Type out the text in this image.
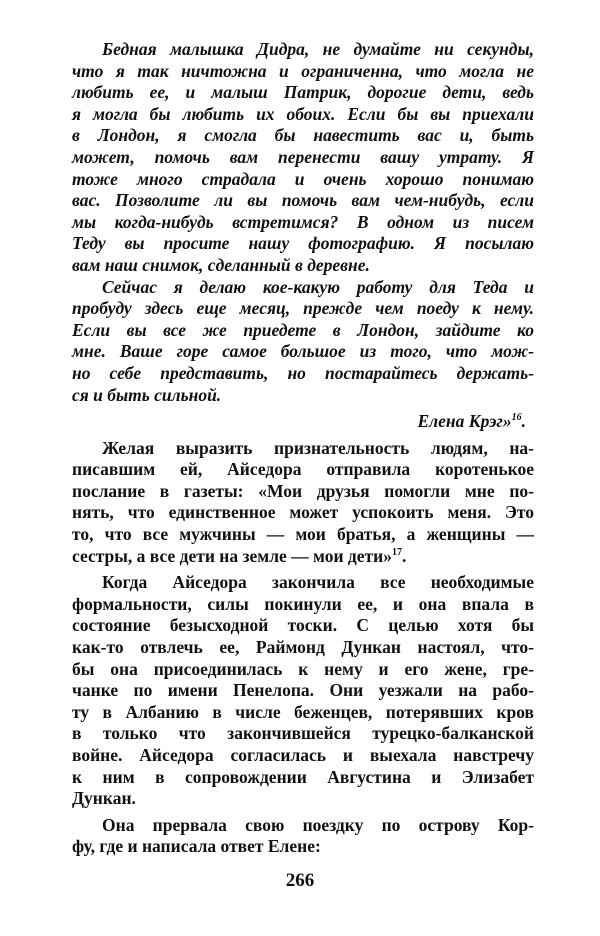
Бедная малышка Дидра, не думайте ни секунды,
что я так ничтожна и ограниченна, что могла не
любить ее, и малыш Патрик, дорогие дети, ведь
я могла бы любить их обоих. Если бы вы приехали
в Лондон, я смогла бы навестить вас и, быть
может, помочь вам перенести вашу утрату. Я
тоже много страдала и очень хорошо понимаю
вас. Позволите ли вы помочь вам чем-нибудь, если
мы когда-нибудь встретимся? В одном из писем
Теду вы просите нашу фотографию. Я посылаю
вам наш снимок, сделанный в деревне.
Сейчас я делаю кое-какую работу для Теда и
пробуду здесь еще месяц, прежде чем поеду к нему.
Если вы все же приедете в Лондон, зайдите ко
мне. Ваше горе самое большое из того, что мож-
но себе представить, но постарайтесь держать-
ся и быть сильной.
Елена Крэг»$^{16}$.
Желая выразить признательность людям, на-
писавшим ей, Айседора отправила коротенькое
послание в газеты: «Мои друзья помогли мне по-
нять, что единственное может успокоить меня. Это
то, что все мужчины — мои братья, а женщины —
сестры, а все дети на земле — мои дети»$^{17}$.
Когда Айседора закончила все необходимые
формальности, силы покинули ее, и она впала в
состояние безысходной тоски. С целью хотя бы
как-то отвлечь ее, Раймонд Дункан настоял, что-
бы она присоединилась к нему и его жене, гре-
чанке по имени Пенелопа. Они уезжали на рабо-
ту в Албанию в числе беженцев, потерявших кров
в только что закончившейся турецко-балканской
войне. Айседора согласилась и выехала навстречу
к ним в сопровождении Августина и Элизабет
Дункан.
Она прервала свою поездку по острову Кор-
фу, где и написала ответ Елене:
266
